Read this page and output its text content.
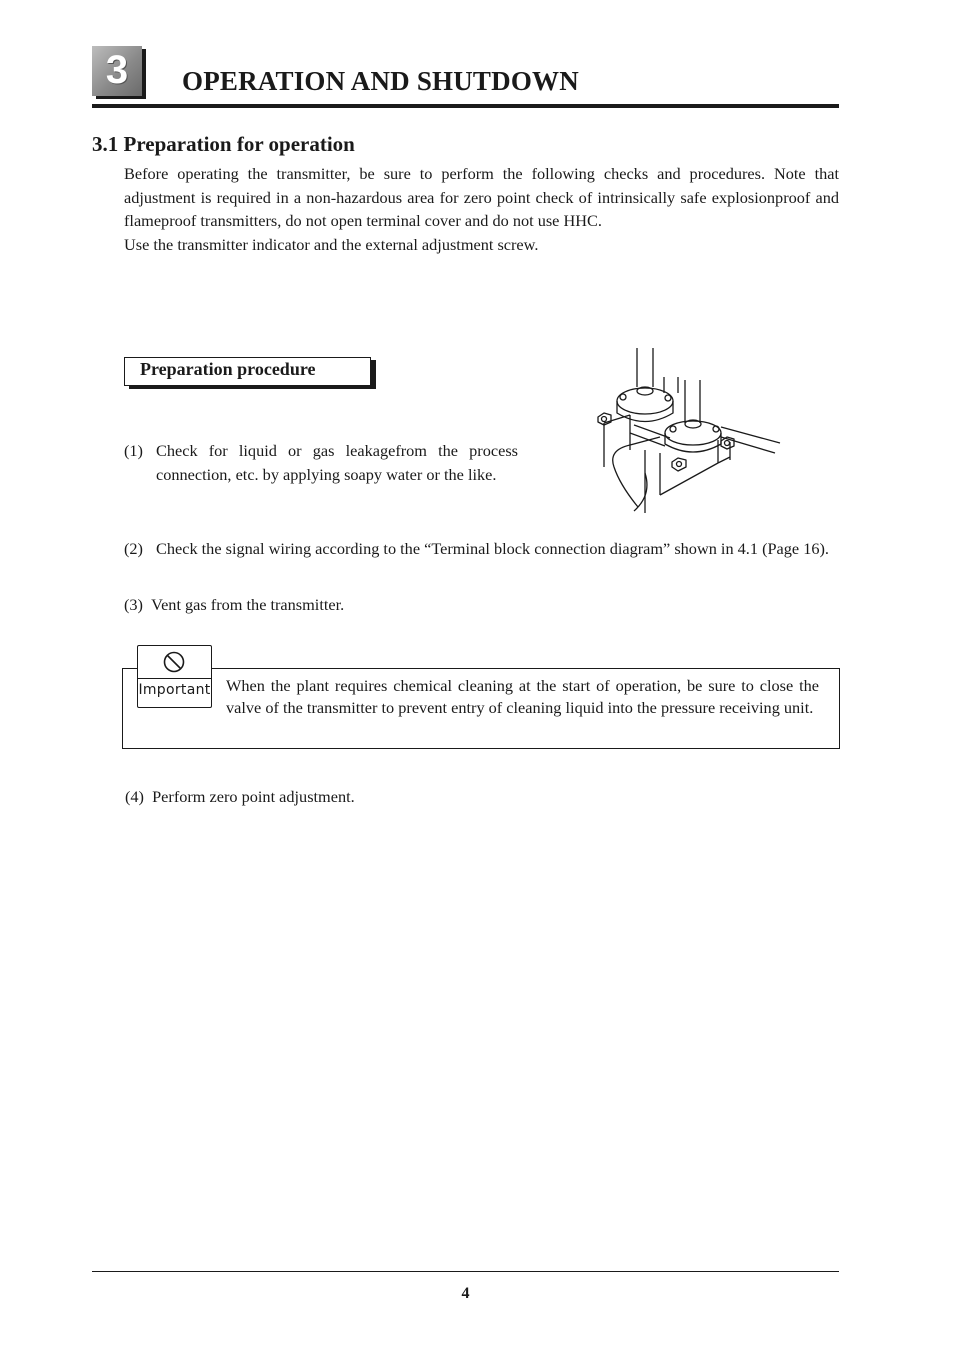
3	OPERATION AND SHUTDOWN
3.1 Preparation for operation

Before operating the transmitter, be sure to perform the following checks and procedures. Note that adjustment is required in a non-hazardous area for zero point check of intrinsically safe explosionproof and flameproof transmitters, do not open terminal cover and do not use HHC.

Use the transmitter indicator and the external adjustment screw.

Preparation procedure
(1) Check for liquid or gas leakagefrom the process connection, etc. by applying soapy water or the like.
(2) Check the signal wiring according to the “Terminal block connection diagram” shown in 4.1 (Page 16).
(3) Vent gas from the transmitter.
Important When the plant requires chemical cleaning at the start of operation, be sure to close the valve of the transmitter to prevent entry of cleaning liquid into the pressure receiving unit.

(4) Perform zero point adjustment.
4
